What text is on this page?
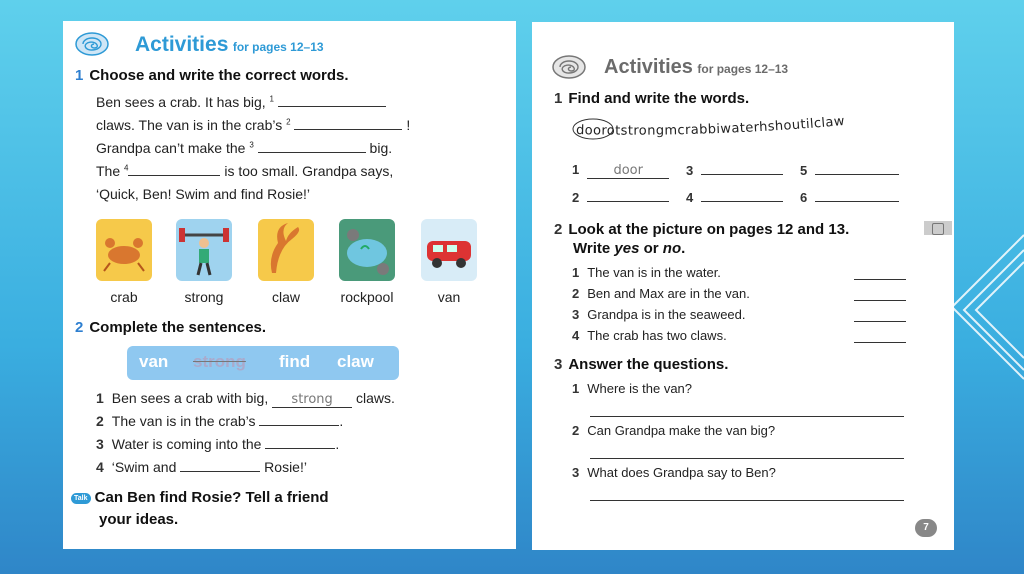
Activities for pages 12–13
1 Choose and write the correct words.
Ben sees a crab. It has big, $^1$
claws. The van is in the crab’s $^2$	!
Grandpa can’t make the $^3$	big.
The $^4$	is too small. Grandpa says,
‘Quick, Ben! Swim and find Rosie!’
crab	strong	claw	rockpool	van
2 Complete the sentences.
van strong find claw
1 Ben sees a crab with big, strong claws.
2 The van is in the crab’s	.
3 Water is coming into the	.
4 ‘Swim and	Rosie!’
Talk Can Ben find Rosie? Tell a friend
your ideas.
Activities for pages 12–13
1 Find and write the words.
doorotstrongmcrabbiwaterhshoutilclaw
1	door	3	5
2	4	6
2 Look at the picture on pages 12 and 13.
Write yes or no.
1 The van is in the water.
2 Ben and Max are in the van.
3 Grandpa is in the seaweed.
4 The crab has two claws.
3 Answer the questions.
1 Where is the van?
2 Can Grandpa make the van big?
3 What does Grandpa say to Ben?
7
